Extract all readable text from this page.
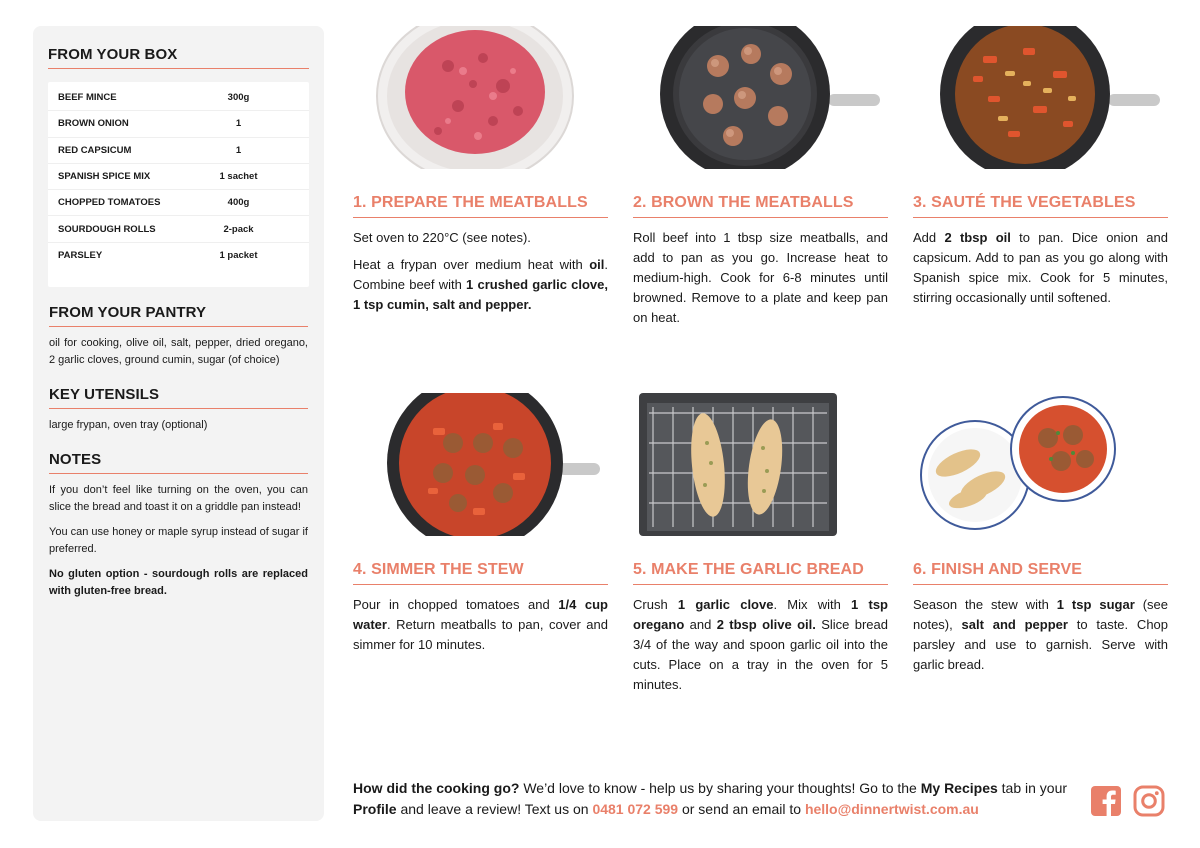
FROM YOUR BOX
BEEF MINCE	300g
BROWN ONION	1
RED CAPSICUM	1
SPANISH SPICE MIX	1 sachet
CHOPPED TOMATOES	400g
SOURDOUGH ROLLS	2-pack
PARSLEY	1 packet
FROM YOUR PANTRY

oil for cooking, olive oil, salt, pepper, dried oregano, 2 garlic cloves, ground cumin, sugar (of choice)

KEY UTENSILS

large frypan, oven tray (optional)

NOTES

If you don’t feel like turning on the oven, you can slice the bread and toast it on a griddle pan instead!

You can use honey or maple syrup instead of sugar if preferred.

No gluten option - sourdough rolls are replaced with gluten-free bread.

1. PREPARE THE MEATBALLS

Set oven to 220°C (see notes).

Heat a frypan over medium heat with oil. Combine beef with 1 crushed garlic clove, 1 tsp cumin, salt and pepper.

2. BROWN THE MEATBALLS

Roll beef into 1 tbsp size meatballs, and add to pan as you go. Increase heat to medium-high. Cook for 6-8 minutes until browned. Remove to a plate and keep pan on heat.

3. SAUTÉ THE VEGETABLES

Add 2 tbsp oil to pan. Dice onion and capsicum. Add to pan as you go along with Spanish spice mix. Cook for 5 minutes, stirring occasionally until softened.

4. SIMMER THE STEW

Pour in chopped tomatoes and 1/4 cup water. Return meatballs to pan, cover and simmer for 10 minutes.

5. MAKE THE GARLIC BREAD

Crush 1 garlic clove. Mix with 1 tsp oregano and 2 tbsp olive oil. Slice bread 3/4 of the way and spoon garlic oil into the cuts. Place on a tray in the oven for 5 minutes.

6. FINISH AND SERVE

Season the stew with 1 tsp sugar (see notes), salt and pepper to taste. Chop parsley and use to garnish. Serve with garlic bread.

How did the cooking go? We’d love to know - help us by sharing your thoughts! Go to the My Recipes tab in your Profile and leave a review! Text us on 0481 072 599 or send an email to hello@dinnertwist.com.au
